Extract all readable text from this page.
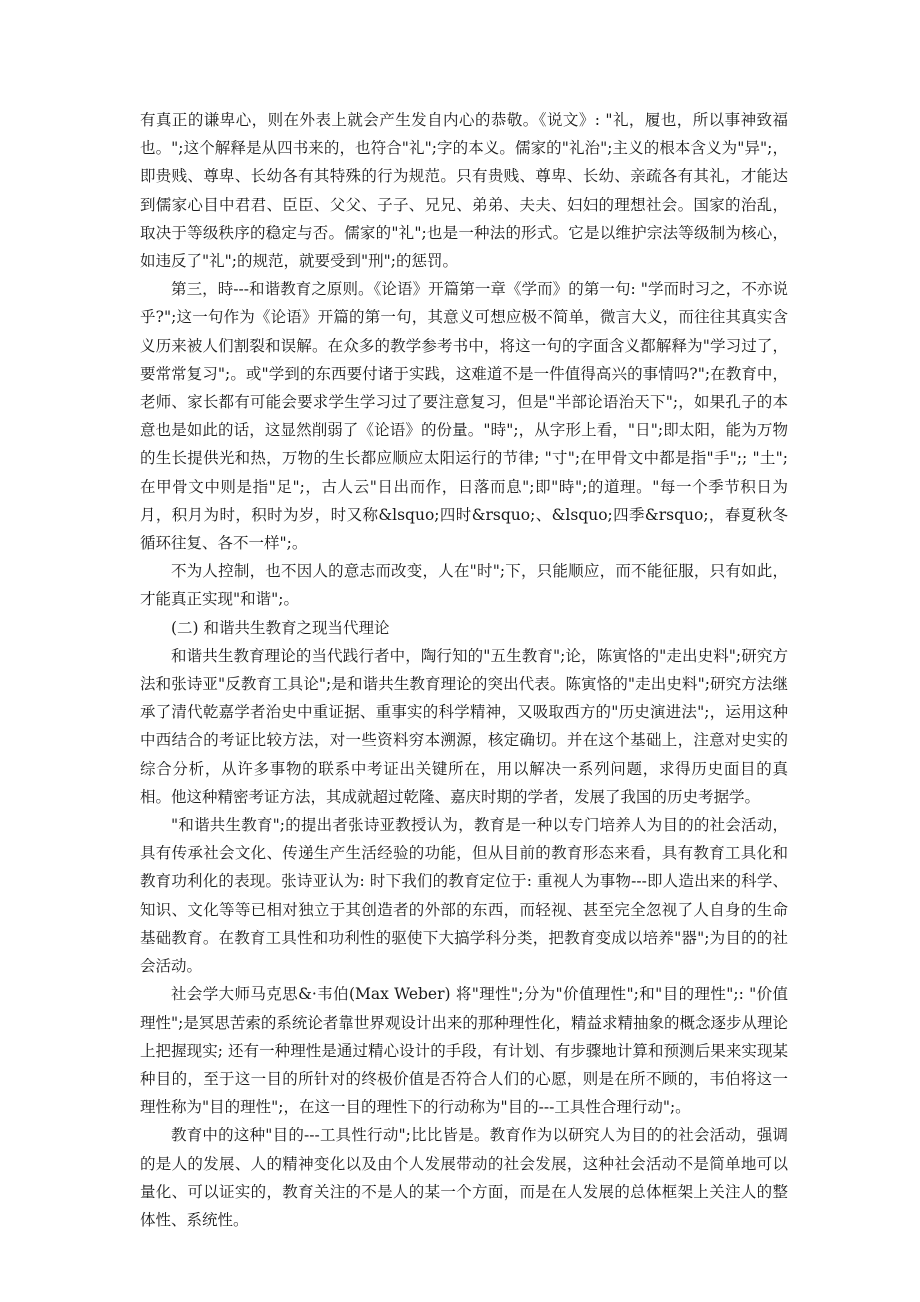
有真正的谦卑心，则在外表上就会产生发自内心的恭敬。《说文》: "礼，履也，所以事神致福也。";这个解释是从四书来的，也符合"礼";字的本义。儒家的"礼治";主义的根本含义为"异";，即贵贱、尊卑、长幼各有其特殊的行为规范。只有贵贱、尊卑、长幼、亲疏各有其礼，才能达到儒家心目中君君、臣臣、父父、子子、兄兄、弟弟、夫夫、妇妇的理想社会。国家的治乱，取决于等级秩序的稳定与否。儒家的"礼";也是一种法的形式。它是以维护宗法等级制为核心，如违反了"礼";的规范，就要受到"刑";的惩罚。

第三，時---和谐教育之原则。《论语》开篇第一章《学而》的第一句: "学而时习之，不亦说乎?";这一句作为《论语》开篇的第一句，其意义可想应极不简单，微言大义，而往往其真实含义历来被人们割裂和误解。在众多的教学参考书中，将这一句的字面含义都解释为"学习过了，要常常复习";。或"学到的东西要付诸于实践，这难道不是一件值得高兴的事情吗?";在教育中，老师、家长都有可能会要求学生学习过了要注意复习，但是"半部论语治天下";，如果孔子的本意也是如此的话，这显然削弱了《论语》的份量。"時";，从字形上看，"日";即太阳，能为万物的生长提供光和热，万物的生长都应顺应太阳运行的节律; "寸";在甲骨文中都是指"手";; "土";在甲骨文中则是指"足";，古人云"日出而作，日落而息";即"時";的道理。"每一个季节积日为月，积月为时，积时为岁，时又称&lsquo;四时&rsquo;、&lsquo;四季&rsquo;，春夏秋冬循环往复、各不一样";。

不为人控制，也不因人的意志而改变，人在"时";下，只能顺应，而不能征服，只有如此，才能真正实现"和谐";。

(二) 和谐共生教育之现当代理论

和谐共生教育理论的当代践行者中，陶行知的"五生教育";论，陈寅恪的"走出史料";研究方法和张诗亚"反教育工具论";是和谐共生教育理论的突出代表。陈寅恪的"走出史料";研究方法继承了清代乾嘉学者治史中重证据、重事实的科学精神，又吸取西方的"历史演进法";，运用这种中西结合的考证比较方法，对一些资料穷本溯源，核定确切。并在这个基础上，注意对史实的综合分析，从许多事物的联系中考证出关键所在，用以解决一系列问题，求得历史面目的真相。他这种精密考证方法，其成就超过乾隆、嘉庆时期的学者，发展了我国的历史考据学。

"和谐共生教育";的提出者张诗亚教授认为，教育是一种以专门培养人为目的的社会活动，具有传承社会文化、传递生产生活经验的功能，但从目前的教育形态来看，具有教育工具化和教育功利化的表现。张诗亚认为: 时下我们的教育定位于: 重视人为事物---即人造出来的科学、知识、文化等等已相对独立于其创造者的外部的东西，而轻视、甚至完全忽视了人自身的生命基础教育。在教育工具性和功利性的驱使下大搞学科分类，把教育变成以培养"器";为目的的社会活动。

社会学大师马克思&·韦伯(Max Weber) 将"理性";分为"价值理性";和"目的理性";: "价值理性";是冥思苦索的系统论者靠世界观设计出来的那种理性化，精益求精抽象的概念逐步从理论上把握现实; 还有一种理性是通过精心设计的手段，有计划、有步骤地计算和预测后果来实现某种目的，至于这一目的所针对的终极价值是否符合人们的心愿，则是在所不顾的，韦伯将这一理性称为"目的理性";，在这一目的理性下的行动称为"目的---工具性合理行动";。

教育中的这种"目的---工具性行动";比比皆是。教育作为以研究人为目的的社会活动，强调的是人的发展、人的精神变化以及由个人发展带动的社会发展，这种社会活动不是简单地可以量化、可以证实的，教育关注的不是人的某一个方面，而是在人发展的总体框架上关注人的整体性、系统性。
